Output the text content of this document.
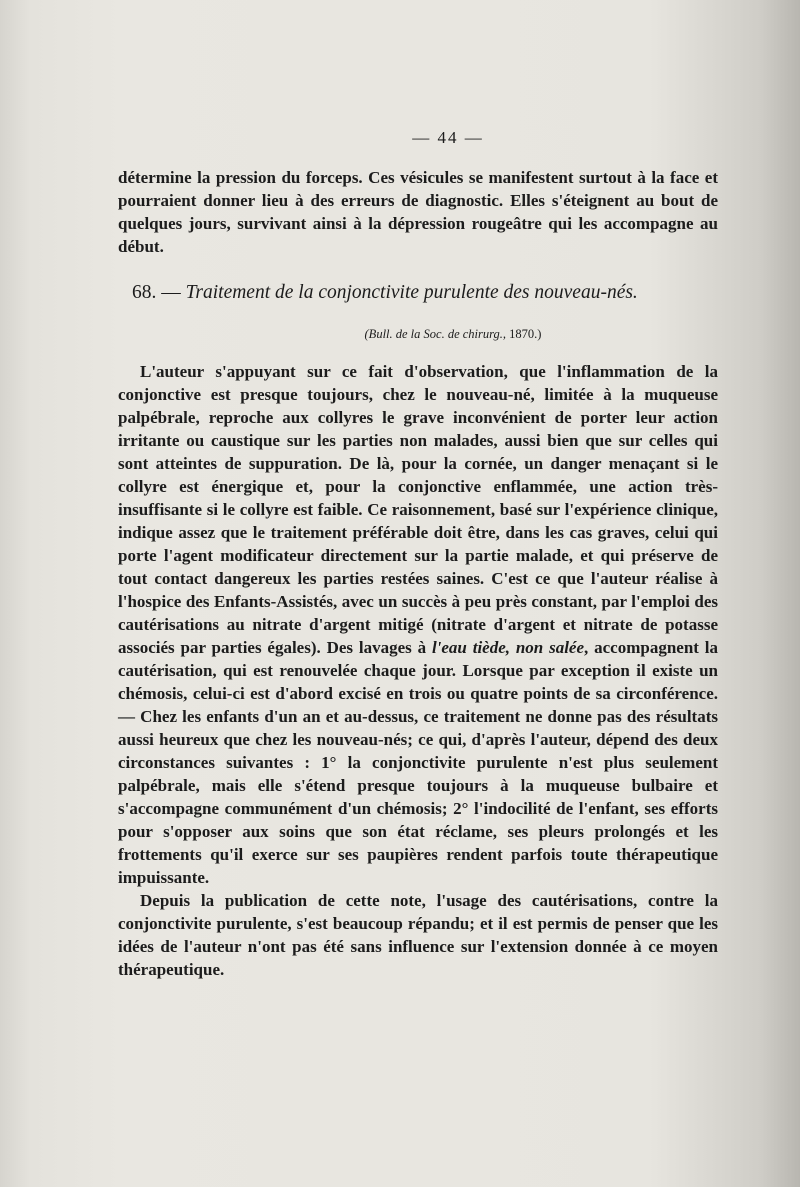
— 44 —

détermine la pression du forceps. Ces vésicules se manifestent surtout à la face et pourraient donner lieu à des erreurs de diagnostic. Elles s'éteignent au bout de quelques jours, survivant ainsi à la dépression rougeâtre qui les accompagne au début.

68. — Traitement de la conjonctivite purulente des nouveau-nés.

(Bull. de la Soc. de chirurg., 1870.)

L'auteur s'appuyant sur ce fait d'observation, que l'inflammation de la conjonctive est presque toujours, chez le nouveau-né, limitée à la muqueuse palpébrale, reproche aux collyres le grave inconvénient de porter leur action irritante ou caustique sur les parties non malades, aussi bien que sur celles qui sont atteintes de suppuration. De là, pour la cornée, un danger menaçant si le collyre est énergique et, pour la conjonctive enflammée, une action très-insuffisante si le collyre est faible. Ce raisonnement, basé sur l'expérience clinique, indique assez que le traitement préférable doit être, dans les cas graves, celui qui porte l'agent modificateur directement sur la partie malade, et qui préserve de tout contact dangereux les parties restées saines. C'est ce que l'auteur réalise à l'hospice des Enfants-Assistés, avec un succès à peu près constant, par l'emploi des cautérisations au nitrate d'argent mitigé (nitrate d'argent et nitrate de potasse associés par parties égales). Des lavages à l'eau tiède, non salée, accompagnent la cautérisation, qui est renouvelée chaque jour. Lorsque par exception il existe un chémosis, celui-ci est d'abord excisé en trois ou quatre points de sa circonférence. — Chez les enfants d'un an et au-dessus, ce traitement ne donne pas des résultats aussi heureux que chez les nouveau-nés; ce qui, d'après l'auteur, dépend des deux circonstances suivantes : 1° la conjonctivite purulente n'est plus seulement palpébrale, mais elle s'étend presque toujours à la muqueuse bulbaire et s'accompagne communément d'un chémosis; 2° l'indocilité de l'enfant, ses efforts pour s'opposer aux soins que son état réclame, ses pleurs prolongés et les frottements qu'il exerce sur ses paupières rendent parfois toute thérapeutique impuissante.

Depuis la publication de cette note, l'usage des cautérisations, contre la conjonctivite purulente, s'est beaucoup répandu; et il est permis de penser que les idées de l'auteur n'ont pas été sans influence sur l'extension donnée à ce moyen thérapeutique.
